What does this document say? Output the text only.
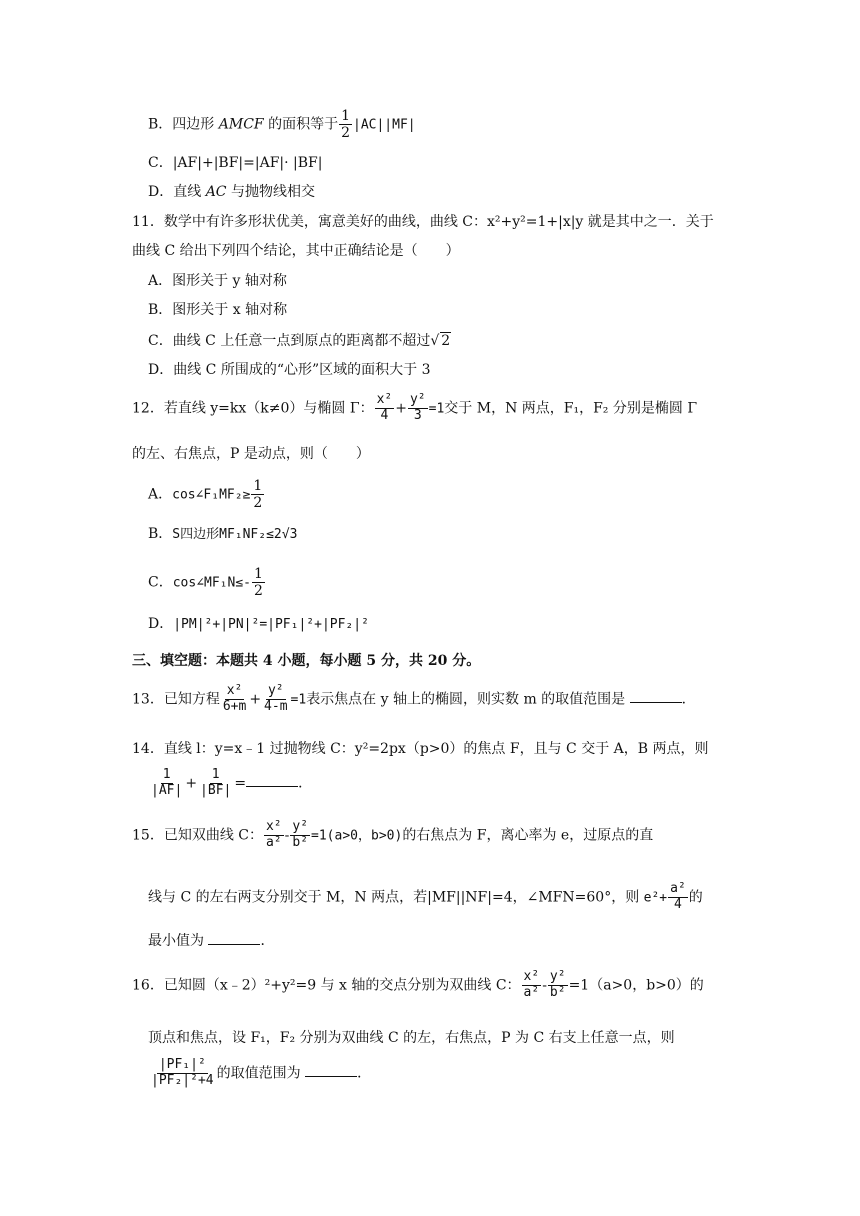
B．四边形 AMCF 的面积等于 $\frac{1}{2} |AC||MF|$
C．|AF|+|BF|=|AF|· |BF|
D．直线 AC 与抛物线相交
11．数学中有许多形状优美，寓意美好的曲线，曲线 C：x²+y²=1+|x|y 就是其中之一．关于
曲线 C 给出下列四个结论，其中正确结论是（　　）
A．图形关于 y 轴对称
B．图形关于 x 轴对称
C．曲线 C 上任意一点到原点的距离都不超过√ 2
D．曲线 C 所围成的“心形”区域的面积大于 3
12．若直线 y=kx（k≠0）与椭圆 Γ： $\frac{\text{x²}}{4} + \frac{\text{y²}}{3} =1$交于 M，N 两点，F₁，F₂ 分别是椭圆 Γ
的左、右焦点，P 是动点，则（　　）
A．cos∠F₁MF₂≥ $\frac{1}{2}$
B．S四边形MF₁NF₂≤2√3
C．cos∠MF₁N≤- $\frac{1}{2}$
D．|PM|²+|PN|²=|PF₁|²+|PF₂|²
三、填空题：本题共 4 小题，每小题 5 分，共 20 分。
13．已知方程 $\frac{\text{x²}}{6+m} + \frac{\text{y²}}{4-m} =1$表示焦点在 y 轴上的椭圆，则实数 m 的取值范围是	．
14．直线 l：y=x﹣1 过抛物线 C：y²=2px（p>0）的焦点 F，且与 C 交于 A，B 两点，则
$\frac{1}{|AF|} + \frac{1}{|BF|}$ =	．
15．已知双曲线 C： $\frac{\text{x²}}{\text{a²}} - \frac{\text{y²}}{\text{b²}} =1(a>0$，b>0)的右焦点为 F，离心率为 e，过原点的直
线与 C 的左右两支分别交于 M，N 两点，若|MF||NF|=4，∠MFN=60°，则 $e^2+ \frac{\text{a²}}{4}$ 的
最小值为	．
16．已知圆（x﹣2）²+y²=9 与 x 轴的交点分别为双曲线 C： $\frac{\text{x²}}{\text{a²}} - \frac{\text{y²}}{\text{b²}} =1(a>0$，b>0）的
顶点和焦点，设 F₁，F₂ 分别为双曲线 C 的左，右焦点，P 为 C 右支上任意一点，则
$\frac{\text{|PF₁|²}}{\text{|PF₂|²+4}}$ 的取值范围为	．
